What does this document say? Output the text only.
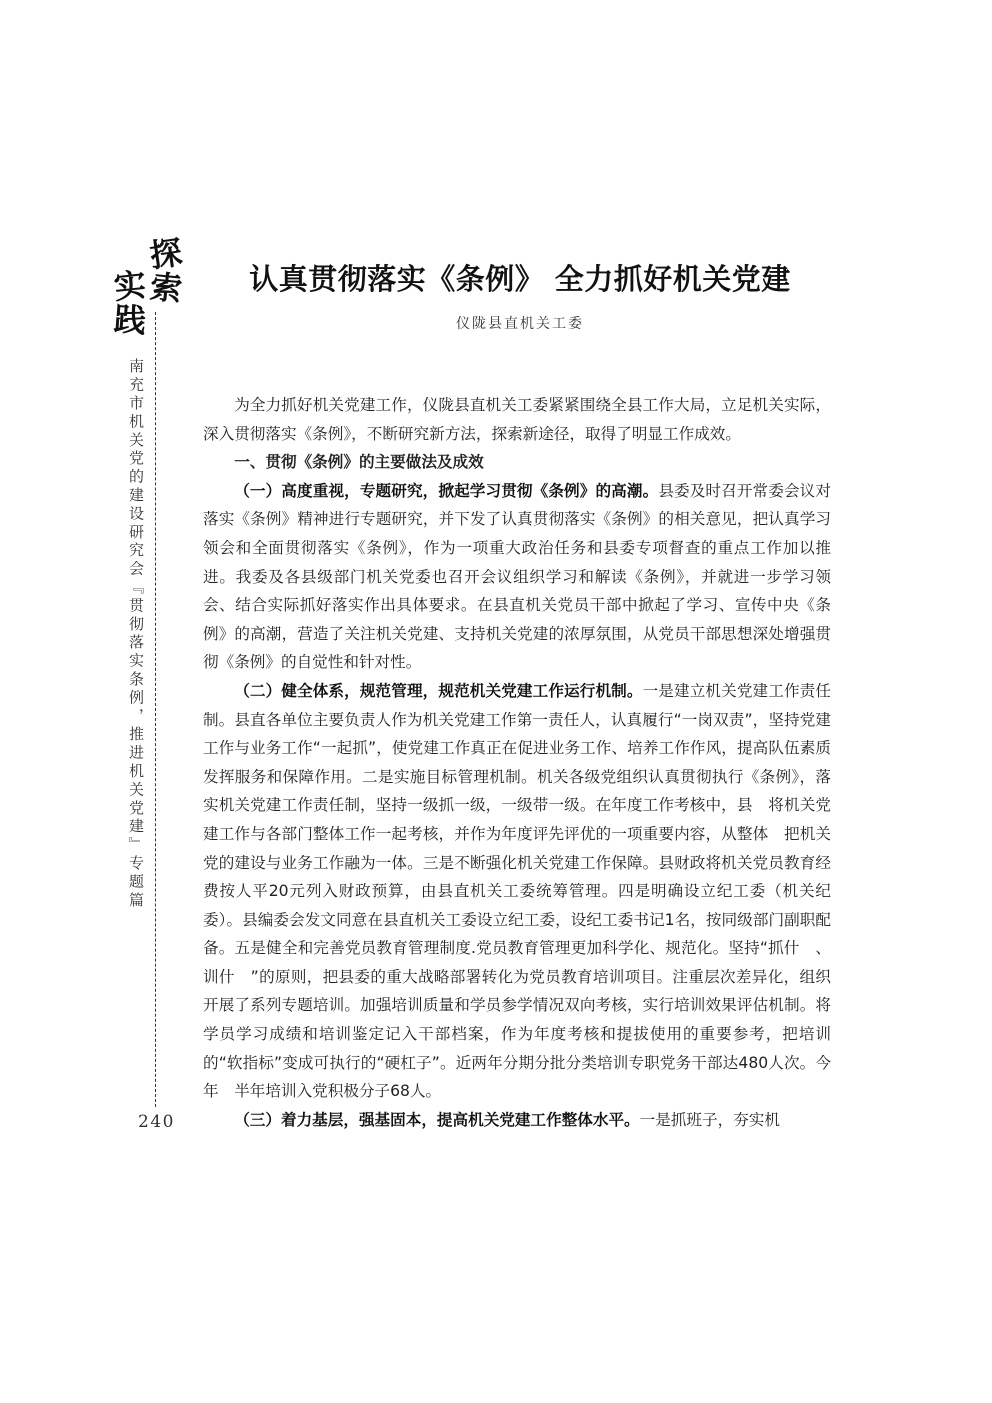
探
索
实
践
南充市机关党的建设研究会『贯彻落实条例，推进机关党建』专题篇
240
认真贯彻落实《条例》 全力抓好机关党建
仪陇县直机关工委

为全力抓好机关党建工作，仪陇县直机关工委紧紧围绕全县工作大局，立足机关实际，深入贯彻落实《条例》，不断研究新方法，探索新途径，取得了明显工作成效。

一、贯彻《条例》的主要做法及成效

（一）高度重视，专题研究，掀起学习贯彻《条例》的高潮。县委及时召开常委会议对落实《条例》精神进行专题研究，并下发了认真贯彻落实《条例》的相关意见，把认真学习领会和全面贯彻落实《条例》，作为一项重大政治任务和县委专项督查的重点工作加以推进。我委及各县级部门机关党委也召开会议组织学习和解读《条例》，并就进一步学习领会、结合实际抓好落实作出具体要求。在县直机关党员干部中掀起了学习、宣传中央《条例》的高潮，营造了关注机关党建、支持机关党建的浓厚氛围，从党员干部思想深处增强贯彻《条例》的自觉性和针对性。

（二）健全体系，规范管理，规范机关党建工作运行机制。一是建立机关党建工作责任制。县直各单位主要负责人作为机关党建工作第一责任人，认真履行“一岗双责”，坚持党建工作与业务工作“一起抓”，使党建工作真正在促进业务工作、培养工作作风，提高队伍素质　发挥服务和保障作用。二是实施目标管理机制。机关各级党组织认真贯彻执行《条例》，落实机关党建工作责任制，坚持一级抓一级，一级带一级。在年度工作考核中，县　将机关党建工作与各部门整体工作一起考核，并作为年度评先评优的一项重要内容，从整体　把机关党的建设与业务工作融为一体。三是不断强化机关党建工作保障。县财政将机关党员教育经费按人平20元列入财政预算，由县直机关工委统筹管理。四是明确设立纪工委（机关纪委）。县编委会发文同意在县直机关工委设立纪工委，设纪工委书记1名，按同级部门副职配备。五是健全和完善党员教育管理制度.党员教育管理更加科学化、规范化。坚持“抓什　、训什　”的原则，把县委的重大战略部署转化为党员教育培训项目。注重层次差异化，组织开展了系列专题培训。加强培训质量和学员参学情况双向考核，实行培训效果评估机制。将学员学习成绩和培训鉴定记入干部档案，作为年度考核和提拔使用的重要参考，把培训的“软指标”变成可执行的“硬杠子”。近两年分期分批分类培训专职党务干部达480人次。今年　半年培训入党积极分子68人。

（三）着力基层，强基固本，提高机关党建工作整体水平。一是抓班子，夯实机
